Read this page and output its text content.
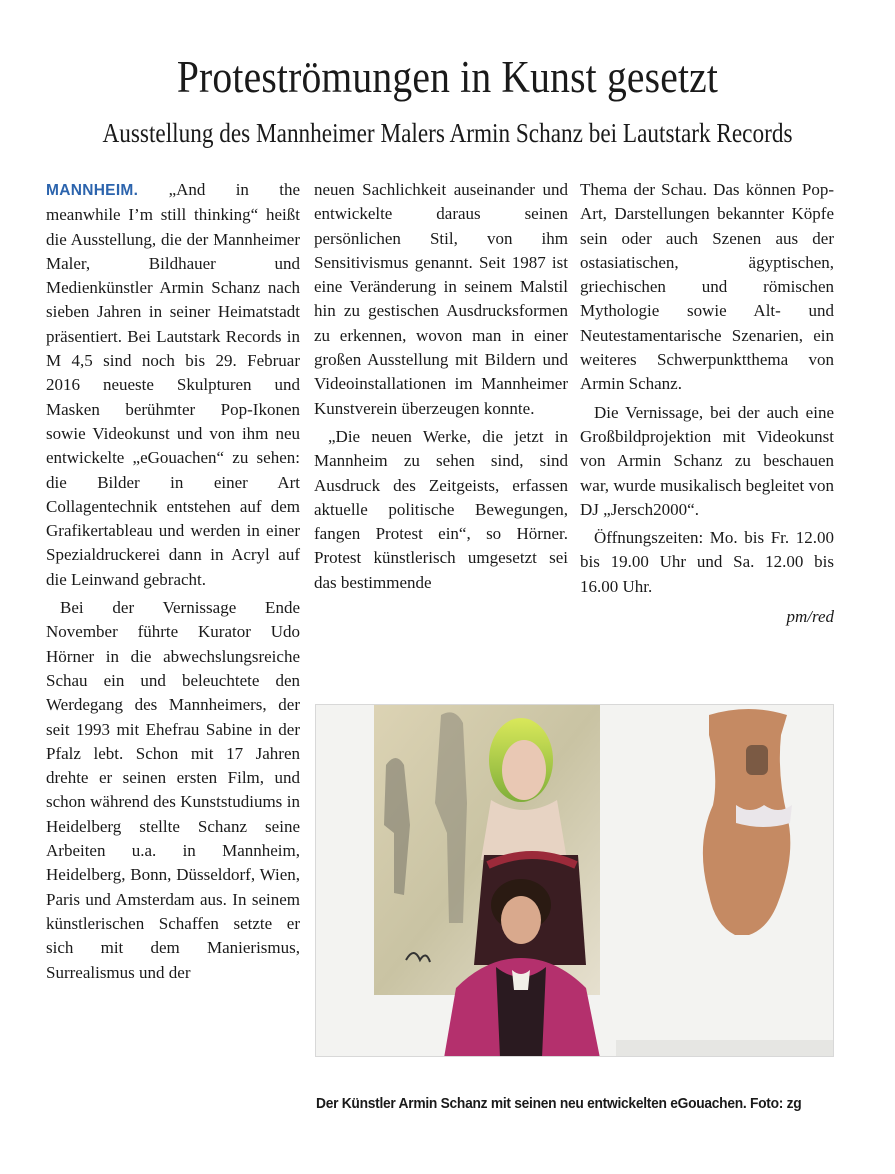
Proteströmungen in Kunst gesetzt
Ausstellung des Mannheimer Malers Armin Schanz bei Lautstark Records

MANNHEIM. „And in the meanwhile I’m still thinking“ heißt die Ausstellung, die der Mannheimer Maler, Bildhauer und Medienkünstler Armin Schanz nach sieben Jahren in seiner Heimatstadt präsentiert. Bei Lautstark Records in M 4,5 sind noch bis 29. Februar 2016 neueste Skulpturen und Masken berühmter Pop-Ikonen sowie Videokunst und von ihm neu entwickelte „eGouachen“ zu sehen: die Bilder in einer Art Collagentechnik entstehen auf dem Grafikertableau und werden in einer Spezialdruckerei dann in Acryl auf die Leinwand gebracht.

Bei der Vernissage Ende November führte Kurator Udo Hörner in die abwechslungsreiche Schau ein und beleuchtete den Werdegang des Mannheimers, der seit 1993 mit Ehefrau Sabine in der Pfalz lebt. Schon mit 17 Jahren drehte er seinen ersten Film, und schon während des Kunststudiums in Heidelberg stellte Schanz seine Arbeiten u.a. in Mannheim, Heidelberg, Bonn, Düsseldorf, Wien, Paris und Amsterdam aus. In seinem künstlerischen Schaffen setzte er sich mit dem Manierismus, Surrealismus und der

neuen Sachlichkeit auseinander und entwickelte daraus seinen persönlichen Stil, von ihm Sensitivismus genannt. Seit 1987 ist eine Veränderung in seinem Malstil hin zu gestischen Ausdrucksformen zu erkennen, wovon man in einer großen Ausstellung mit Bildern und Videoinstallationen im Mannheimer Kunstverein überzeugen konnte.

„Die neuen Werke, die jetzt in Mannheim zu sehen sind, sind Ausdruck des Zeitgeists, erfassen aktuelle politische Bewegungen, fangen Protest ein“, so Hörner. Protest künstlerisch umgesetzt sei das bestimmende

Thema der Schau. Das können Pop-Art, Darstellungen bekannter Köpfe sein oder auch Szenen aus der ostasiatischen, ägyptischen, griechischen und römischen Mythologie sowie Alt- und Neutestamentarische Szenarien, ein weiteres Schwerpunktthema von Armin Schanz.

Die Vernissage, bei der auch eine Großbildprojektion mit Videokunst von Armin Schanz zu beschauen war, wurde musikalisch begleitet von DJ „Jersch2000“.

Öffnungszeiten: Mo. bis Fr. 12.00 bis 19.00 Uhr und Sa. 12.00 bis 16.00 Uhr.

pm/red

Der Künstler Armin Schanz mit seinen neu entwickelten eGouachen. Foto: zg
